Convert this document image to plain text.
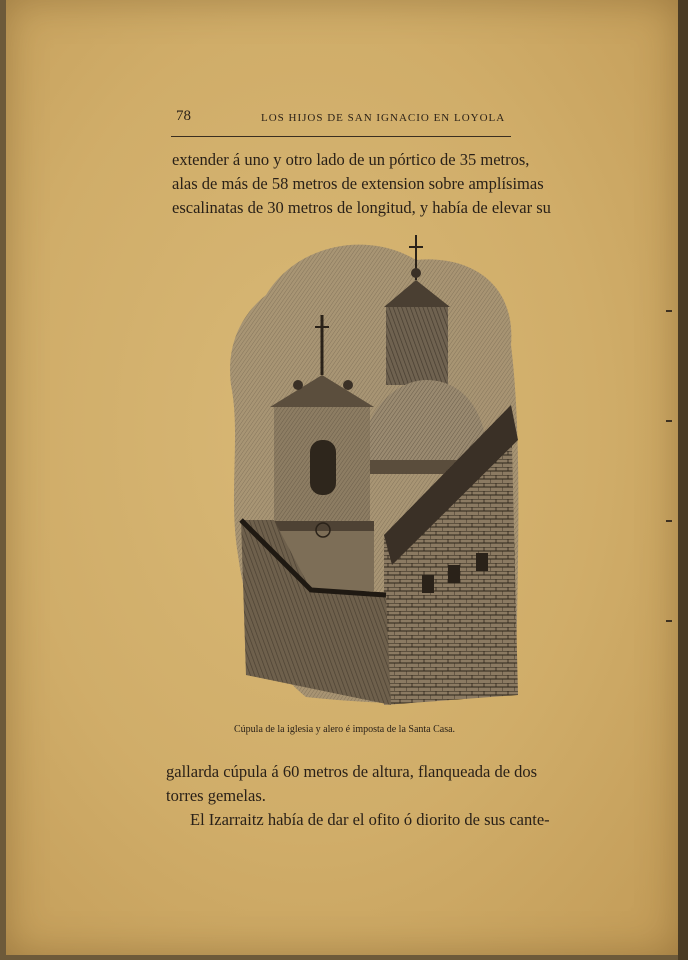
78	LOS HIJOS DE SAN IGNACIO EN LOYOLA
extender á uno y otro lado de un pórtico de 35 metros,
alas de más de 58 metros de extension sobre amplísimas
escalinatas de 30 metros de longitud, y había de elevar su
Cúpula de la iglesia y alero é imposta de la Santa Casa.
gallarda cúpula á 60 metros de altura, flanqueada de dos
torres gemelas.
El Izarraitz había de dar el ofito ó diorito de sus cante-
